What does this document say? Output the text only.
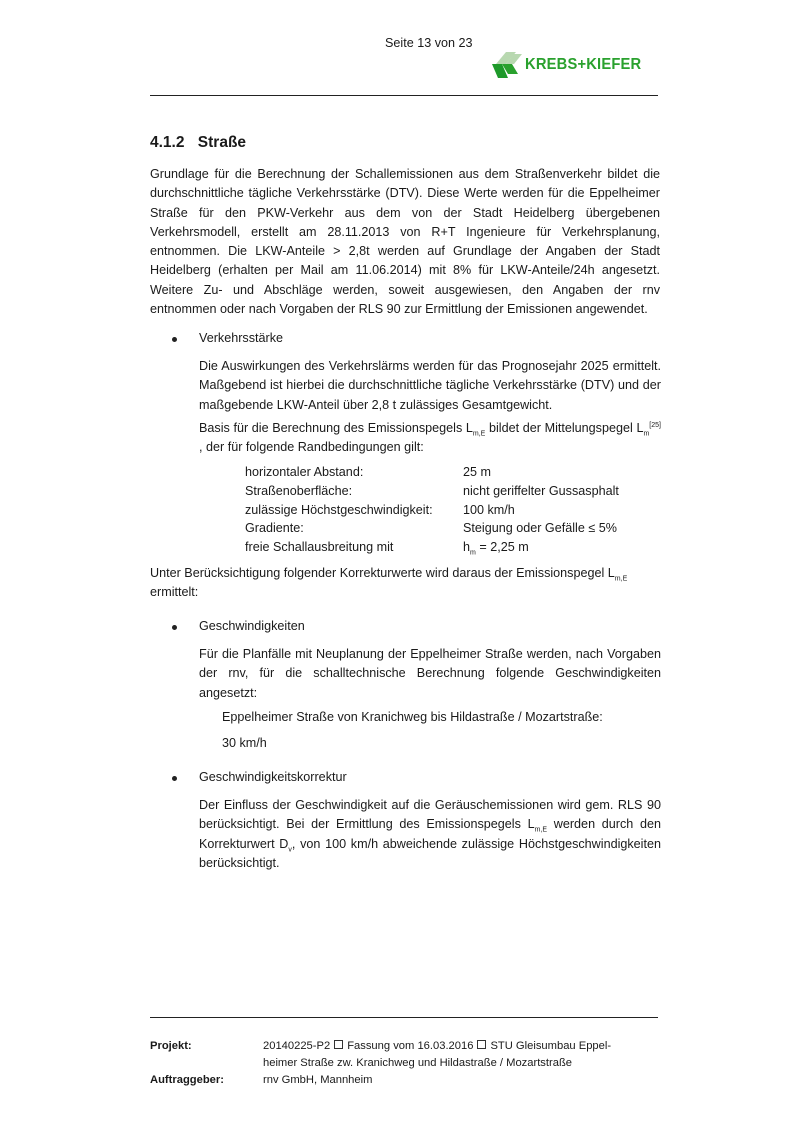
Seite 13 von 23
KREBS+KIEFER
4.1.2 Straße

Grundlage für die Berechnung der Schallemissionen aus dem Straßenverkehr bildet die durchschnittliche tägliche Verkehrsstärke (DTV). Diese Werte werden für die Eppelheimer Straße für den PKW-Verkehr aus dem von der Stadt Heidelberg übergebenen Verkehrsmodell, erstellt am 28.11.2013 von R+T Ingenieure für Verkehrsplanung, entnommen. Die LKW-Anteile > 2,8t werden auf Grundlage der Angaben der Stadt Heidelberg (erhalten per Mail am 11.06.2014) mit 8% für LKW-Anteile/24h angesetzt. Weitere Zu- und Abschläge werden, soweit ausgewiesen, den Angaben der rnv entnommen oder nach Vorgaben der RLS 90 zur Ermittlung der Emissionen angewendet.

Verkehrsstärke

Die Auswirkungen des Verkehrslärms werden für das Prognosejahr 2025 ermittelt. Maßgebend ist hierbei die durchschnittliche tägliche Verkehrsstärke (DTV) und der maßgebende LKW-Anteil über 2,8 t zulässiges Gesamtgewicht.

Basis für die Berechnung des Emissionspegels $L_{m,E}$ bildet der Mittelungspegel $L_m[25]$ , der für folgende Randbedingungen gilt:

horizontaler Abstand:	25 m
Straßenoberfläche:	nicht geriffelter Gussasphalt
zulässige Höchstgeschwindigkeit:	100 km/h
Gradiente:	Steigung oder Gefälle ≤ 5%
freie Schallausbreitung mit	$h_m = 2,25$ m

Unter Berücksichtigung folgender Korrekturwerte wird daraus der Emissionspegel $L_{m,E}$
ermittelt:

Geschwindigkeiten

Für die Planfälle mit Neuplanung der Eppelheimer Straße werden, nach Vorgaben der rnv, für die schalltechnische Berechnung folgende Geschwindigkeiten angesetzt:

Eppelheimer Straße von Kranichweg bis Hildastraße / Mozartstraße:
30 km/h
Geschwindigkeitskorrektur

Der Einfluss der Geschwindigkeit auf die Geräuschemissionen wird gem. RLS 90 berücksichtigt. Bei der Ermittlung des Emissionspegels $L_{m,E}$ werden durch den Korrekturwert $D_v$, von 100 km/h abweichende zulässige Höchstgeschwindigkeiten berücksichtigt.

Projekt:	20140225-P2 Fassung vom 16.03.2016 STU Gleisumbau Eppel-
heimer Straße zw. Kranichweg und Hildastraße / Mozartstraße
Auftraggeber:	rnv GmbH, Mannheim
